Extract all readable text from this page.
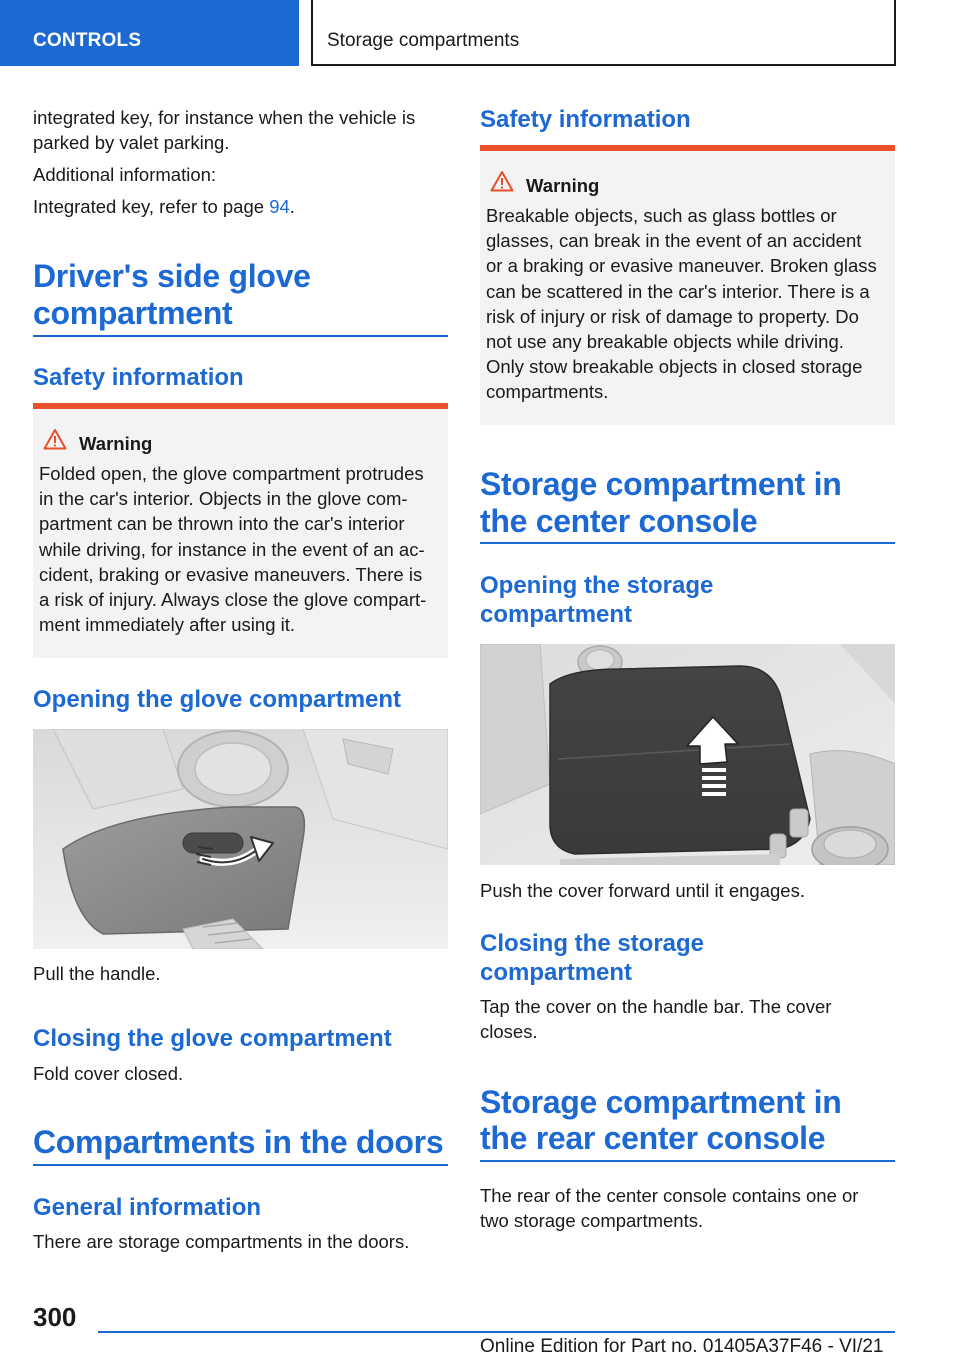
CONTROLS	Storage compartments
integrated key, for instance when the vehicle is
parked by valet parking.
Additional information:
Integrated key, refer to page 94.
Driver's side glove
compartment
Safety information
Warning
Folded open, the glove compartment protrudes
in the car's interior. Objects in the glove com-
partment can be thrown into the car's interior
while driving, for instance in the event of an ac-
cident, braking or evasive maneuvers. There is
a risk of injury. Always close the glove compart-
ment immediately after using it.
Opening the glove compartment
Pull the handle.
Closing the glove compartment
Fold cover closed.
Compartments in the doors
General information
There are storage compartments in the doors.
Safety information
Warning
Breakable objects, such as glass bottles or
glasses, can break in the event of an accident
or a braking or evasive maneuver. Broken glass
can be scattered in the car's interior. There is a
risk of injury or risk of damage to property. Do
not use any breakable objects while driving.
Only stow breakable objects in closed storage
compartments.
Storage compartment in
the center console
Opening the storage
compartment
Push the cover forward until it engages.
Closing the storage
compartment
Tap the cover on the handle bar. The cover
closes.
Storage compartment in
the rear center console
The rear of the center console contains one or
two storage compartments.
300
Online Edition for Part no. 01405A37F46 - VI/21
